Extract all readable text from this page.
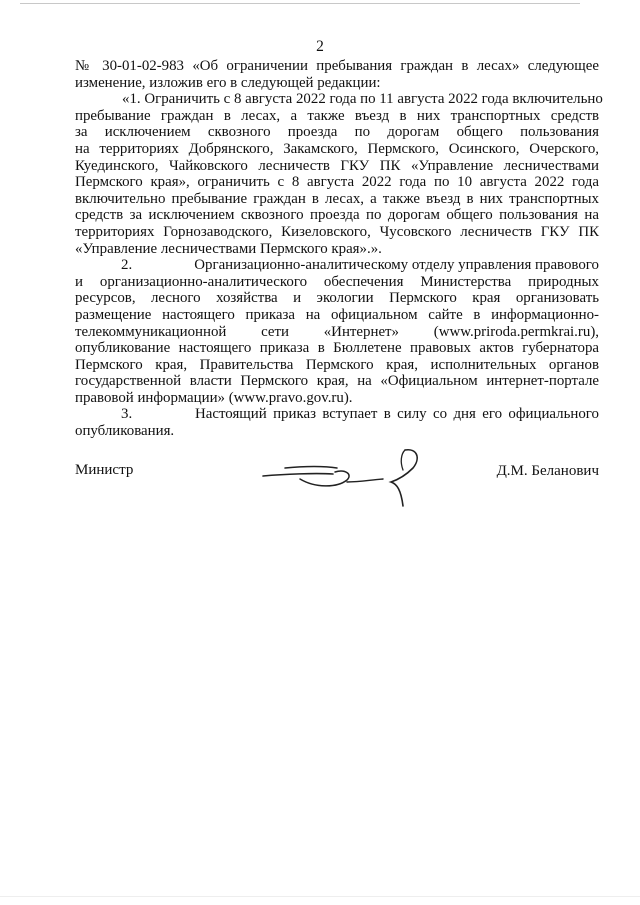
2
№ 30-01-02-983 «Об ограничении пребывания граждан в лесах» следующее
изменение, изложив его в следующей редакции:
«1. Ограничить с 8 августа 2022 года по 11 августа 2022 года включительно
пребывание граждан в лесах, а также въезд в них транспортных средств
за исключением сквозного проезда по дорогам общего пользования
на территориях Добрянского, Закамского, Пермского, Осинского, Очерского,
Куединского, Чайковского лесничеств ГКУ ПК «Управление лесничествами
Пермского края», ограничить с 8 августа 2022 года по 10 августа 2022 года
включительно пребывание граждан в лесах, а также въезд в них транспортных
средств за исключением сквозного проезда по дорогам общего пользования на
территориях Горнозаводского, Кизеловского, Чусовского лесничеств ГКУ ПК
«Управление лесничествами Пермского края».».
2.	Организационно-аналитическому отделу управления правового
и организационно-аналитического обеспечения Министерства природных
ресурсов, лесного хозяйства и экологии Пермского края организовать
размещение настоящего приказа на официальном сайте в информационно-
телекоммуникационной сети «Интернет» (www.priroda.permkrai.ru),
опубликование настоящего приказа в Бюллетене правовых актов губернатора
Пермского края, Правительства Пермского края, исполнительных органов
государственной власти Пермского края, на «Официальном интернет-портале
правовой информации» (www.pravo.gov.ru).
3.	Настоящий приказ вступает в силу со дня его официального
опубликования.
Министр	Д.М. Беланович
